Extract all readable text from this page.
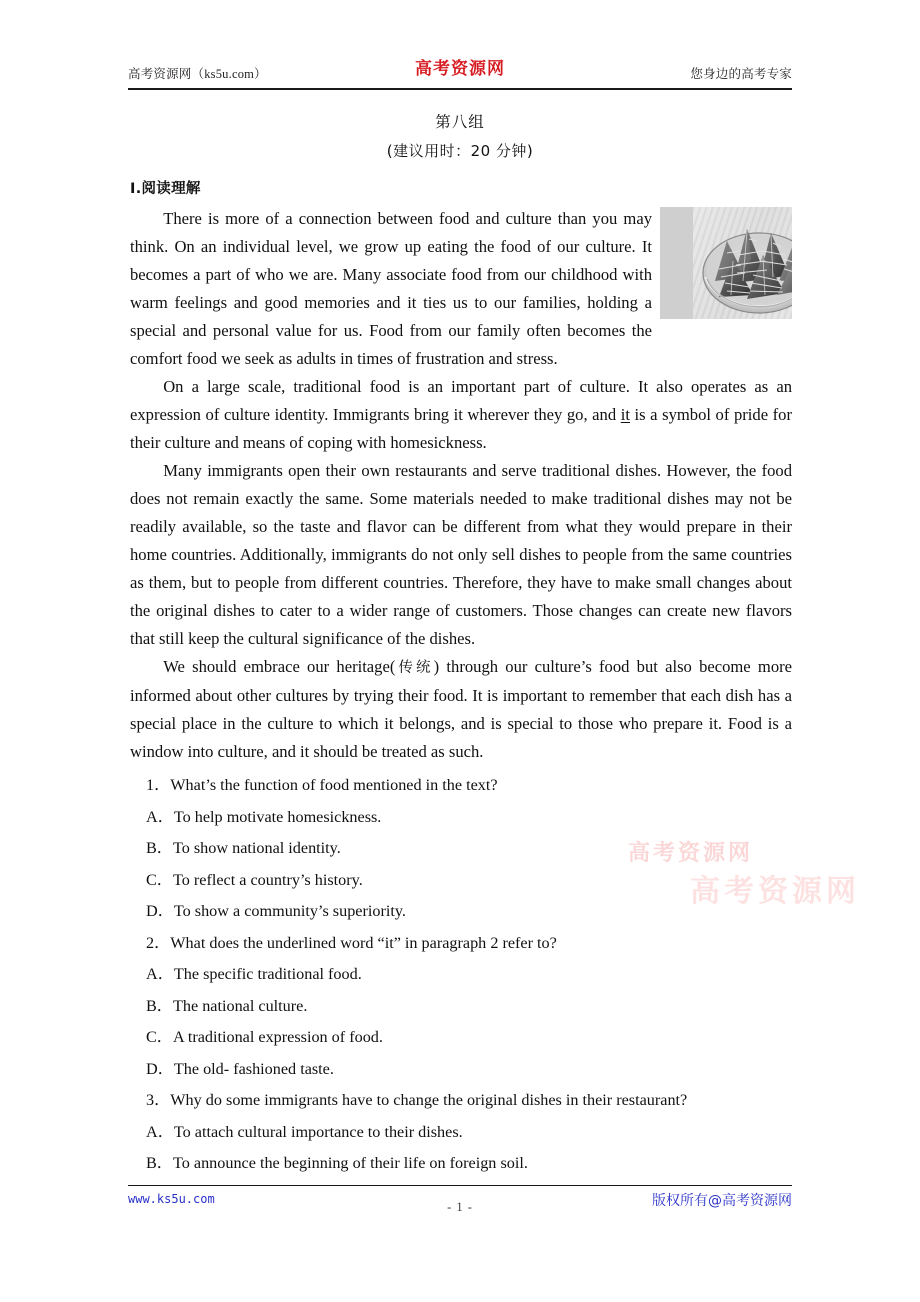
高考资源网
高考资源网
高考资源网（ks5u.com）	高考资源网	您身边的高考专家
第八组
(建议用时：20 分钟)
Ⅰ.阅读理解

There is more of a connection between food and culture than you may think. On an individual level, we grow up eating the food of our culture. It becomes a part of who we are. Many associate food from our childhood with warm feelings and good memories and it ties us to our families, holding a special and personal value for us. Food from our family often becomes the comfort food we seek as adults in times of frustration and stress.

On a large scale, traditional food is an important part of culture. It also operates as an expression of culture identity. Immigrants bring it wherever they go, and it is a symbol of pride for their culture and means of coping with homesickness.

Many immigrants open their own restaurants and serve traditional dishes. However, the food does not remain exactly the same. Some materials needed to make traditional dishes may not be readily available, so the taste and flavor can be different from what they would prepare in their home countries. Additionally, immigrants do not only sell dishes to people from the same countries as them, but to people from different countries. Therefore, they have to make small changes about the original dishes to cater to a wider range of customers. Those changes can create new flavors that still keep the cultural significance of the dishes.

We should embrace our heritage(传统) through our culture’s food but also become more informed about other cultures by trying their food. It is important to remember that each dish has a special place in the culture to which it belongs, and is special to those who prepare it. Food is a window into culture, and it should be treated as such.

1．What’s the function of food mentioned in the text?
A．To help motivate homesickness.
B．To show national identity.
C．To reflect a country’s history.
D．To show a community’s superiority.
2．What does the underlined word “it” in paragraph 2 refer to?
A．The specific traditional food.
B．The national culture.
C．A traditional expression of food.
D．The old- fashioned taste.
3．Why do some immigrants have to change the original dishes in their restaurant?
A．To attach cultural importance to their dishes.
B．To announce the beginning of their life on foreign soil.
www.ks5u.com
- 1 -	版权所有@高考资源网
